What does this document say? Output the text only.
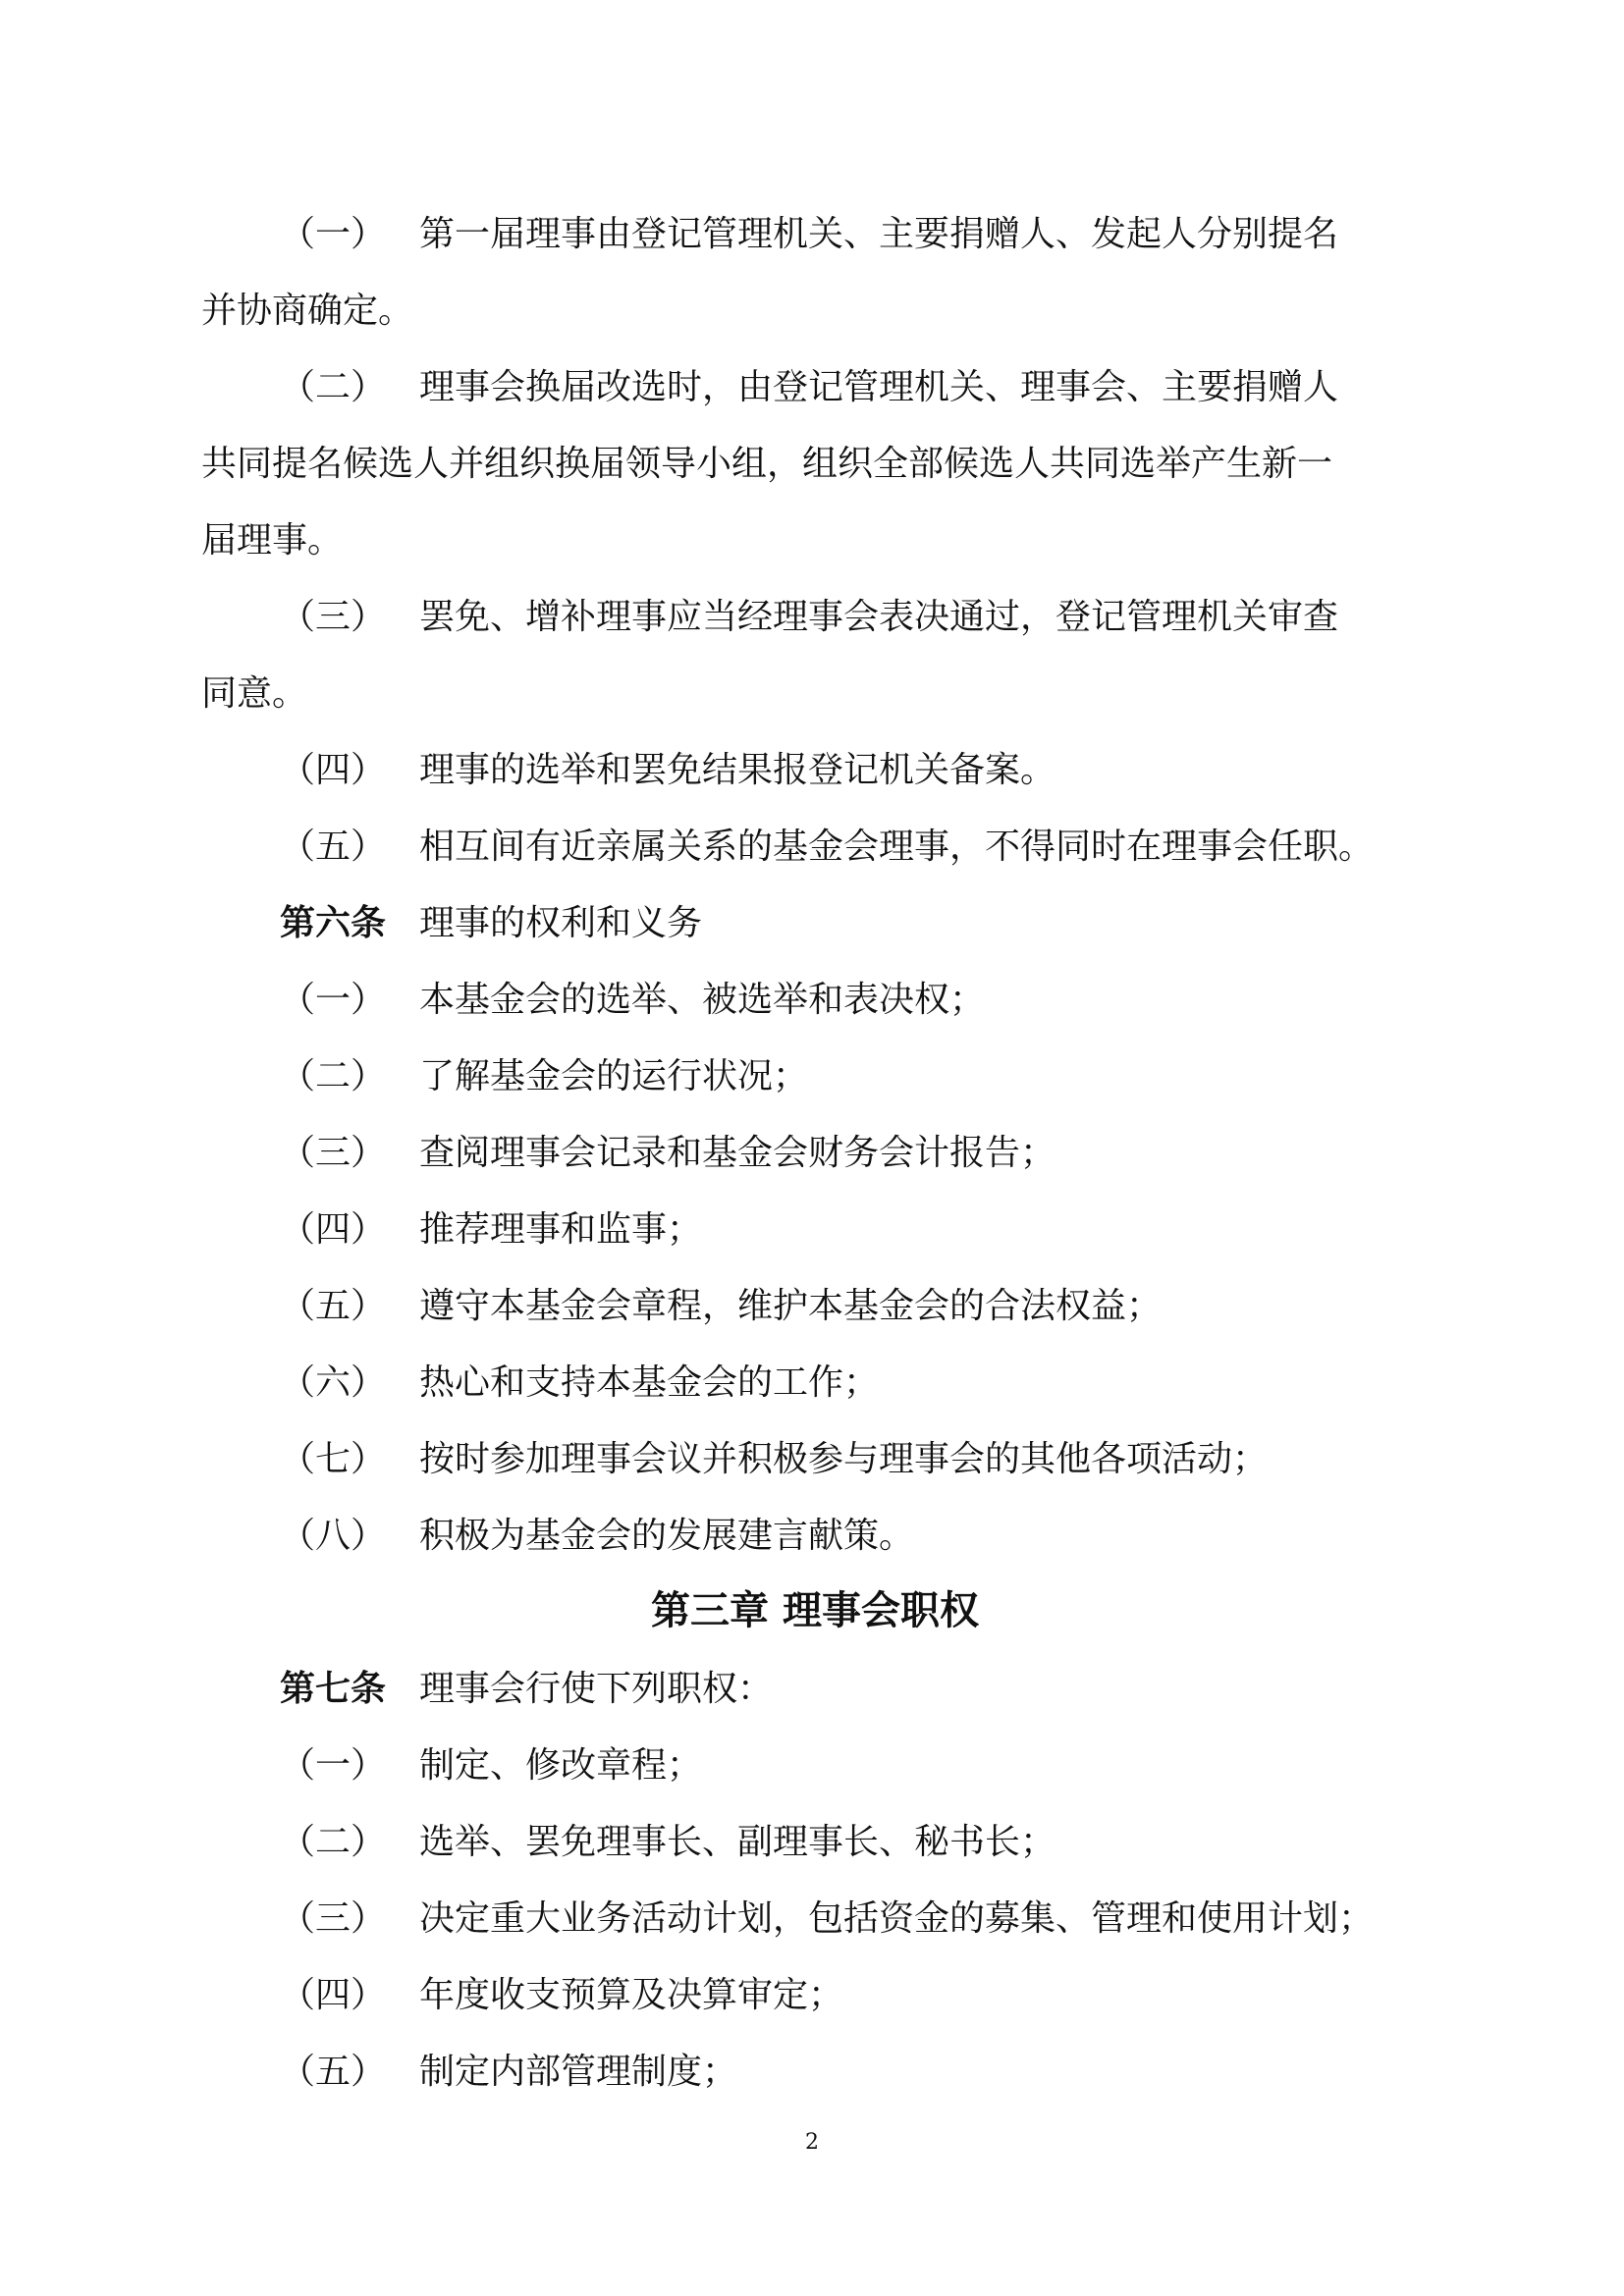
（一） 第一届理事由登记管理机关、主要捐赠人、发起人分别提名
并协商确定。
（二） 理事会换届改选时，由登记管理机关、理事会、主要捐赠人
共同提名候选人并组织换届领导小组，组织全部候选人共同选举产生新一
届理事。
（三） 罢免、增补理事应当经理事会表决通过，登记管理机关审查
同意。
（四） 理事的选举和罢免结果报登记机关备案。
（五） 相互间有近亲属关系的基金会理事，不得同时在理事会任职。
第六条 理事的权利和义务
（一） 本基金会的选举、被选举和表决权；
（二） 了解基金会的运行状况；
（三） 查阅理事会记录和基金会财务会计报告；
（四） 推荐理事和监事；
（五） 遵守本基金会章程，维护本基金会的合法权益；
（六） 热心和支持本基金会的工作；
（七） 按时参加理事会议并积极参与理事会的其他各项活动；
（八） 积极为基金会的发展建言献策。
第三章 理事会职权
第七条 理事会行使下列职权：
（一） 制定、修改章程；
（二） 选举、罢免理事长、副理事长、秘书长；
（三） 决定重大业务活动计划，包括资金的募集、管理和使用计划；
（四） 年度收支预算及决算审定；
（五） 制定内部管理制度；
2
